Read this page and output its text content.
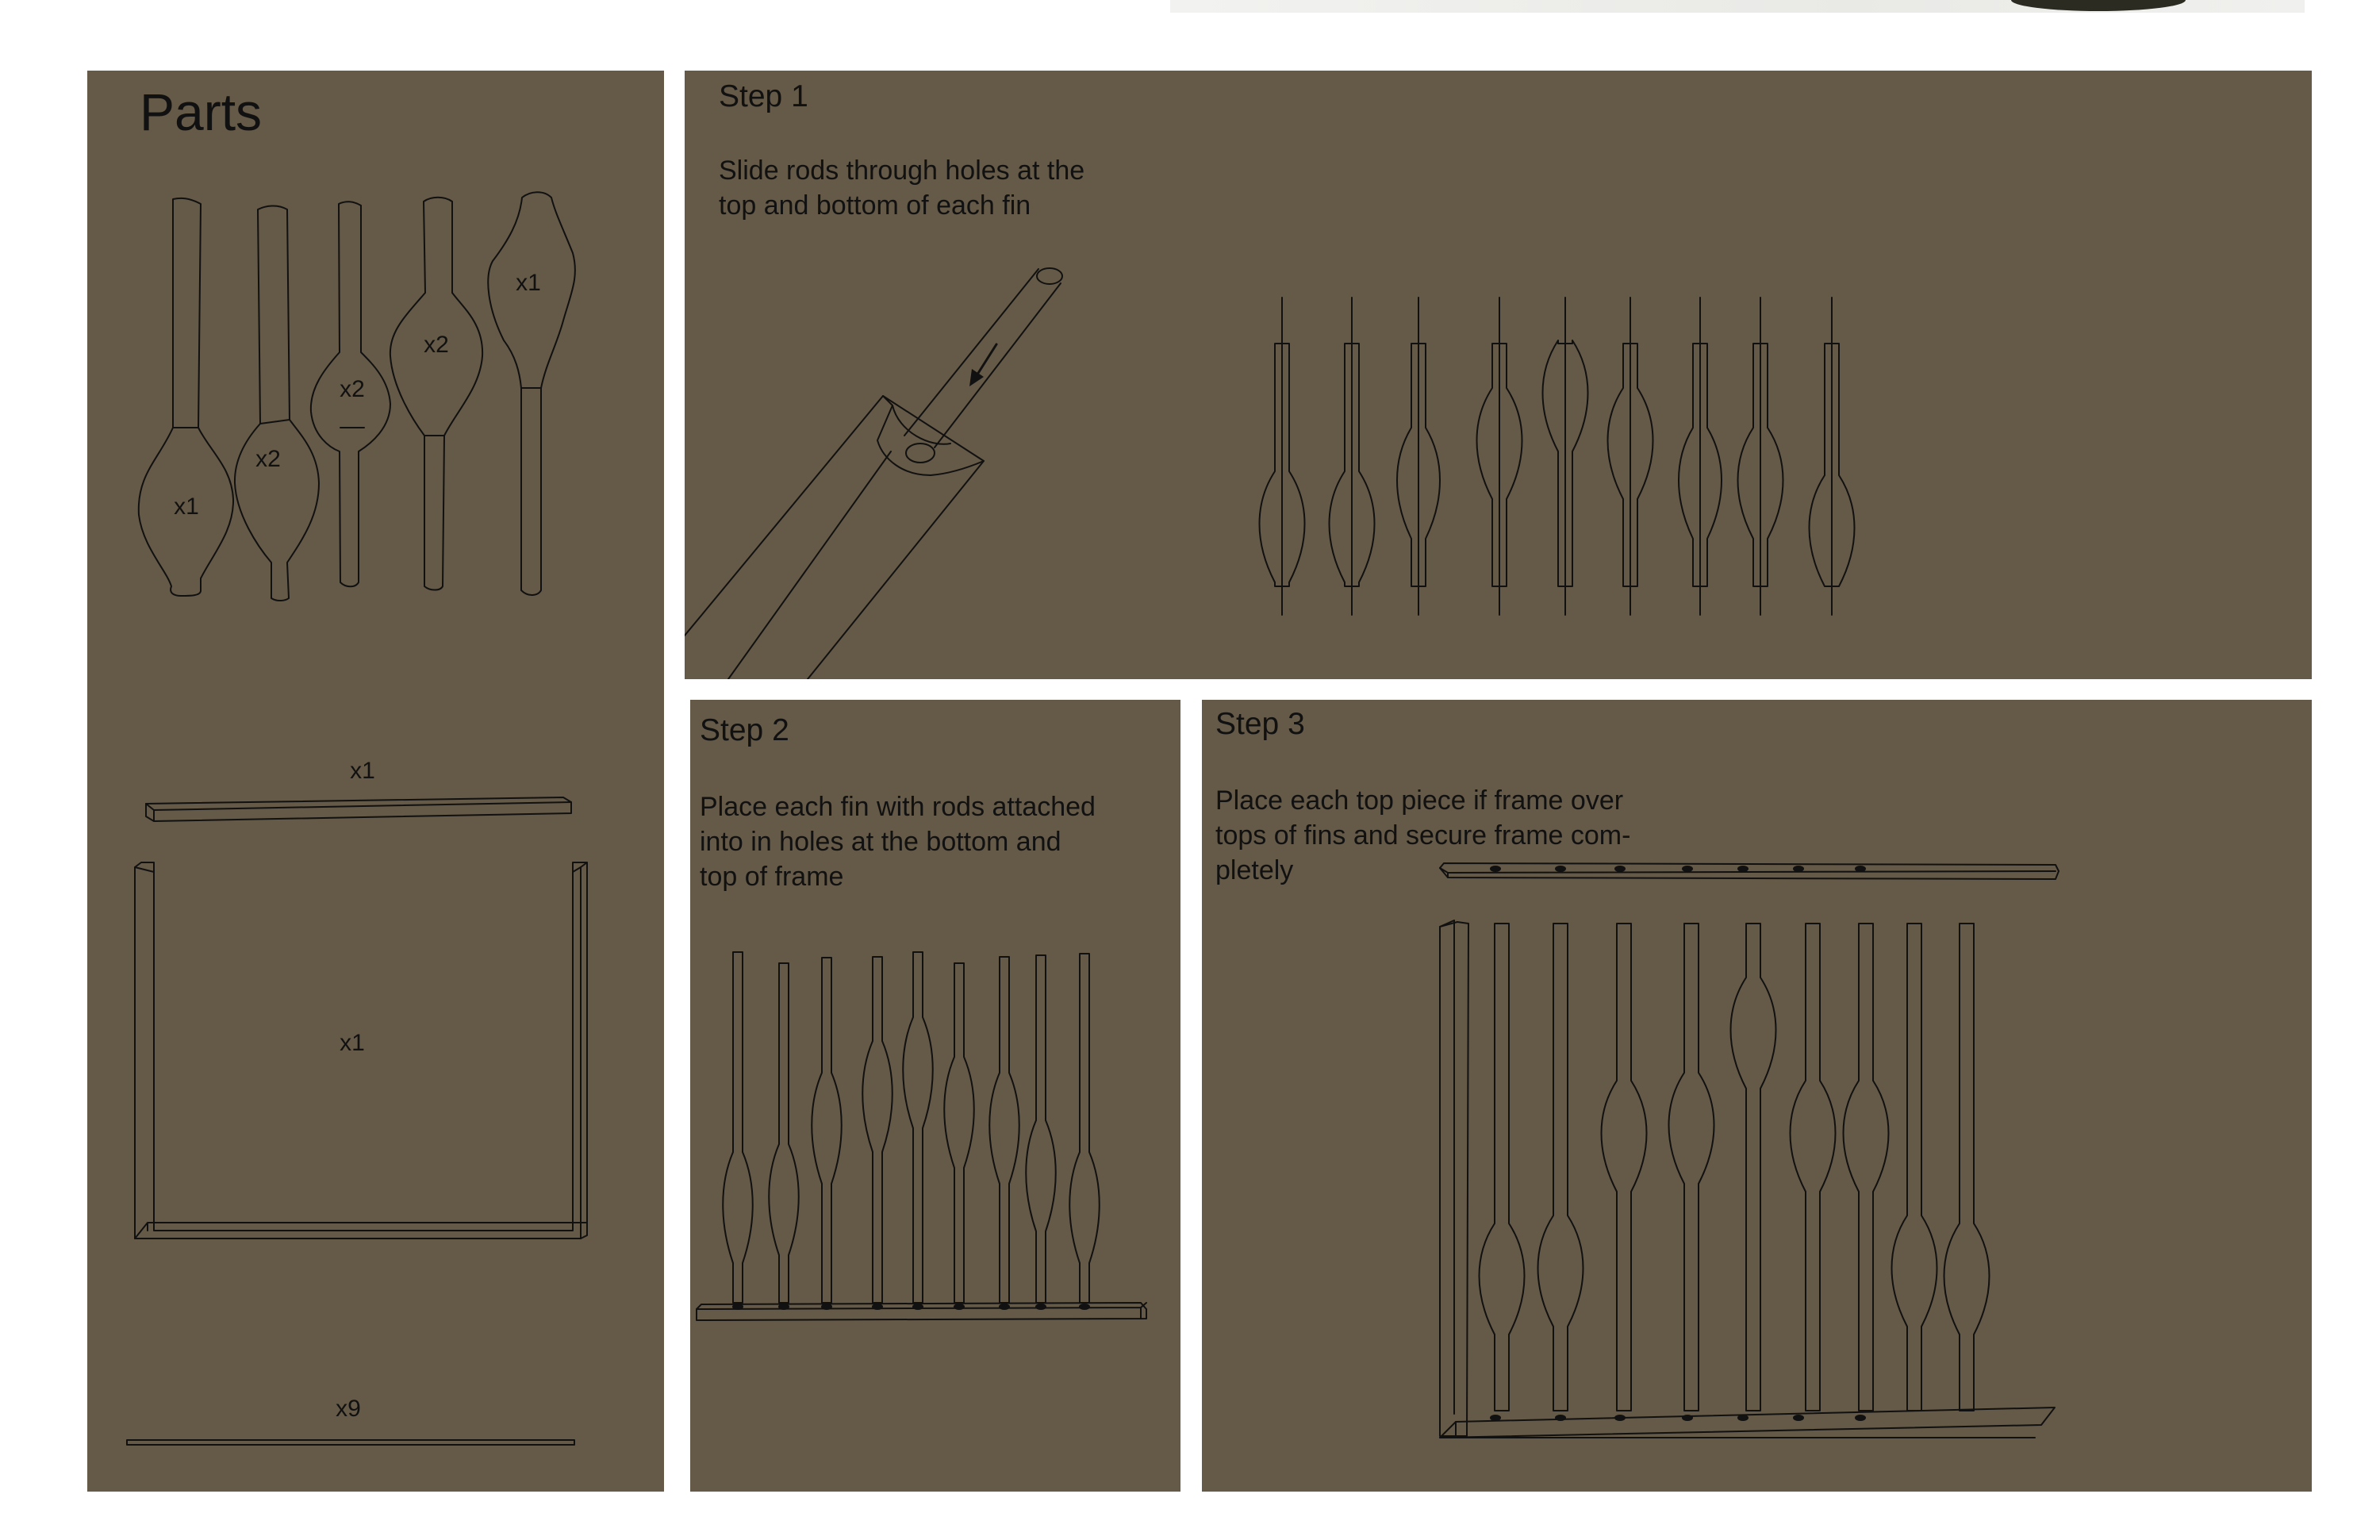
Parts
x1
x2
x2
x2
x1
x1
x1
x9
Step 1
Slide rods through holes at the
top and bottom of each fin
Step 2
Place each fin with rods attached
into in holes at the bottom and
top of frame
Step 3
Place each top piece if frame over
tops of fins and secure frame com-
pletely
